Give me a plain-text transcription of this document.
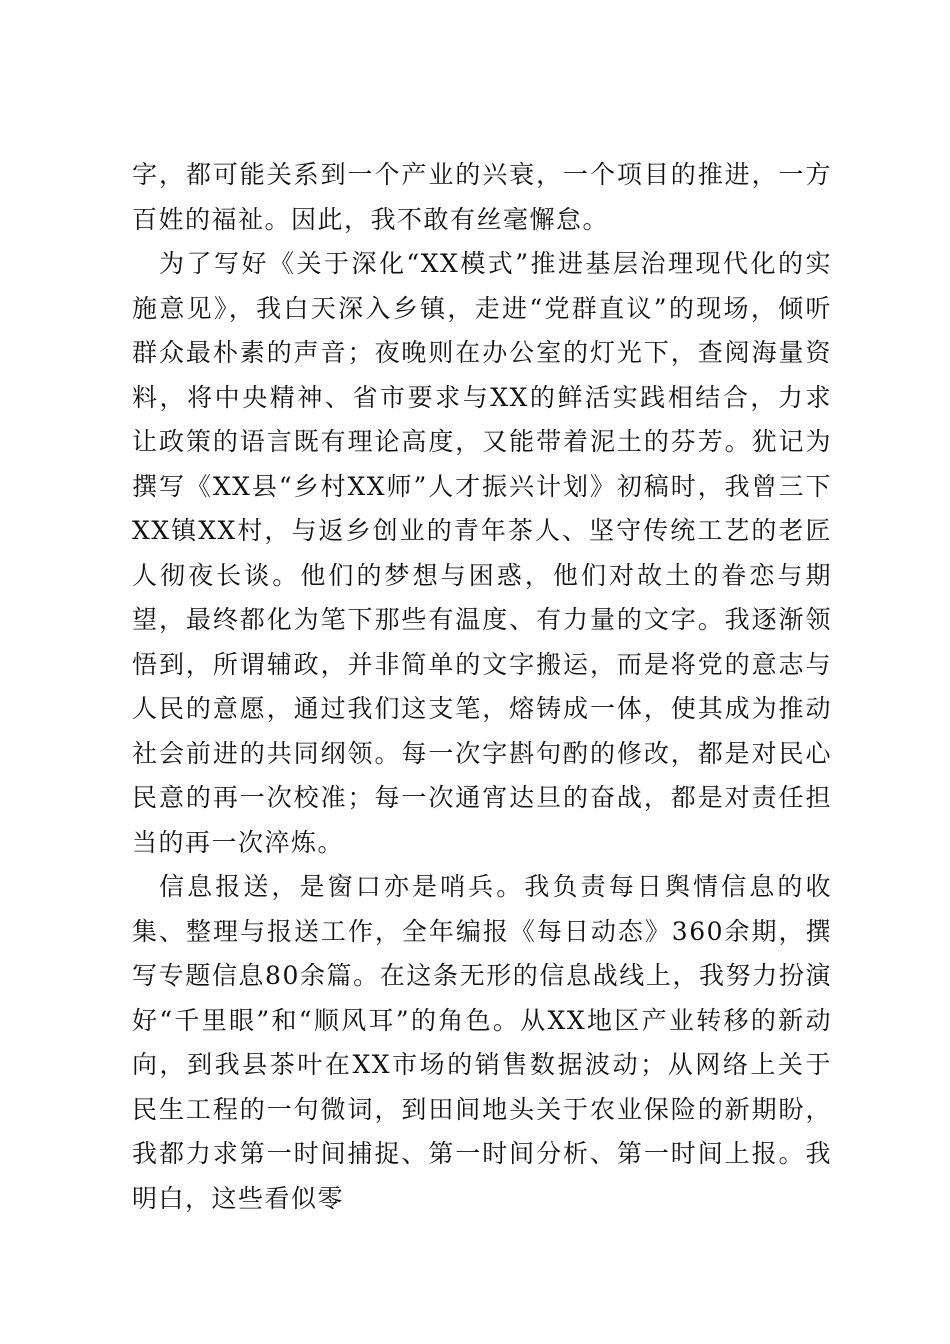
字，都可能关系到一个产业的兴衰，一个项目的推进，一方百姓的福祉。因此，我不敢有丝毫懈怠。

为了写好《关于深化“XX模式”推进基层治理现代化的实施意见》，我白天深入乡镇，走进“党群直议”的现场，倾听群众最朴素的声音；夜晚则在办公室的灯光下，查阅海量资料，将中央精神、省市要求与XX的鲜活实践相结合，力求让政策的语言既有理论高度，又能带着泥土的芬芳。犹记为撰写《XX县“乡村XX师”人才振兴计划》初稿时，我曾三下XX镇XX村，与返乡创业的青年茶人、坚守传统工艺的老匠人彻夜长谈。他们的梦想与困惑，他们对故土的眷恋与期望，最终都化为笔下那些有温度、有力量的文字。我逐渐领悟到，所谓辅政，并非简单的文字搬运，而是将党的意志与人民的意愿，通过我们这支笔，熔铸成一体，使其成为推动社会前进的共同纲领。每一次字斟句酌的修改，都是对民心民意的再一次校准；每一次通宵达旦的奋战，都是对责任担当的再一次淬炼。

信息报送，是窗口亦是哨兵。我负责每日舆情信息的收集、整理与报送工作，全年编报《每日动态》360余期，撰写专题信息80余篇。在这条无形的信息战线上，我努力扮演好“千里眼”和“顺风耳”的角色。从XX地区产业转移的新动向，到我县茶叶在XX市场的销售数据波动；从网络上关于民生工程的一句微词，到田间地头关于农业保险的新期盼，我都力求第一时间捕捉、第一时间分析、第一时间上报。我明白，这些看似零
